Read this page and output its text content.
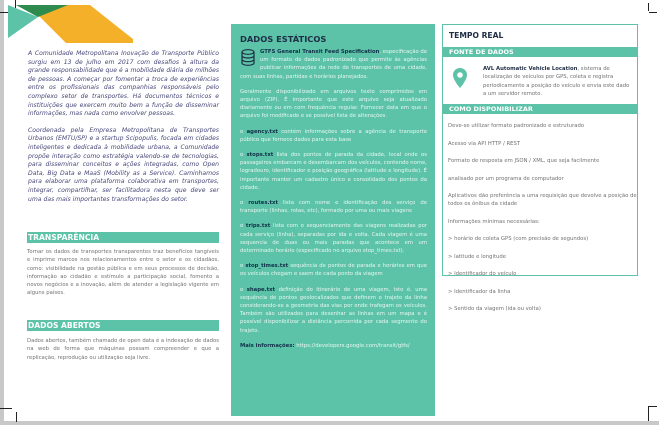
A Comunidade Metropolitana Inovação de Transporte Público surgiu em 13 de julho em 2017 com desafios à altura da grande responsabilidade que é a mobilidade diária de milhões de pessoas. A começar por fomentar a troca de experiências entre os profissionais das companhias responsáveis pelo complexo setor de transportes. Há documentos técnicos e instituições que exercem muito bem a função de disseminar informações, mas nada como envolver pessoas.

Coordenada pela Empresa Metropolitana de Transportes Urbanos (EMTU/SP) e a startup Scipopulis, focada em cidades inteligentes e dedicada à mobilidade urbana, a Comunidade propõe interação como estratégia valendo-se de tecnologias, para disseminar conceitos e ações integradas, como Open Data, Big Data e MaaS (Mobility as a Service). Caminhamos para elaborar uma plataforma colaborativa em transportes, integrar, compartilhar, ser facilitadora nesta que deve ser uma das mais importantes transformações do setor.

TRANSPARÊNCIA
Tornar os dados de transportes transparentes traz benefícios tangíveis e imprime marcos nos relacionamentos entre o setor e os cidadãos, como: visibilidade na gestão pública e em seus processos de decisão, informação ao cidadão e estímulo a participação social, fomento a novos negócios e a inovação, além de atender a legislação vigente em alguns países.
DADOS ABERTOS
Dados abertos, também chamado de open data é a indexação de dados na web de forma que máquinas possam compreender e que a replicação, reprodução ou utilização seja livre.
DADOS ESTÁTICOS
GTFS General Transit Feed Specification, especificação de um formato de dados padronizado que permite às agências publicar informações da rede de transportes de uma cidade, com suas linhas, partidas e horários planejados.
Geralmente disponibilizado em arquivos texto comprimidos em arquivo (ZIP). É importante que este arquivo seja atualizado diariamente ou em com frequência regular. Fornecer data em que o arquivo foi modificado e se possível lista de alterações.
o agency.txt contém informações sobre a agência de transporte público que fornece dados para esta base
o stops.txt lista dos pontos de parada da cidade, local onde os passageiros embarcam e desembarcam dos veículos, contendo nome, logradouro, identificador e posição geográfica (latitude e longitude). É importante manter um cadastro único e consolidado dos pontos da cidade.
o routes.txt lista com nome e identificação dos serviço de transporte (linhas, rotas, etc), formado por uma ou mais viagens
o trips.txt lista com o sequenciamento das viagens realizadas por cada serviço (linha), separadas por ida e volta. Cada viagem é uma sequencia de duas ou mais paradas que acontece em um determinado horário (especificado no arquivo stop_times.txt).
o stop_times.txt sequência de pontos de parada e horários em que os veículos chegam e saem de cada ponto da viagem
o shape.txt definição do itinerário de uma viagem, isto é, uma sequência de pontos geolocalizados que definem o trajeto da linha considerando-se a geometria das vias por onde trafegam os veículos. Também são utilizados para desenhar as linhas em um mapa e é possível disponibilizar a distância percorrida por cada segmento do trajeto.
Mais informações: https://developers.google.com/transit/gtfs/
TEMPO REAL
FONTE DE DADOS
AVL Automatic Vehicle Location, sistema de localização de veículos por GPS, coleta e registra periodicamente a posição do veículo e envia este dado a um servidor remoto.
COMO DISPONIBILIZAR
Deve-se utilizar formato padronizado e estruturado
Acesso via API HTTP / REST
Formato de resposta em JSON / XML, que seja facilmente
analisado por um programa de computador
Aplicativos dão preferência a uma requisição que devolve a posição de todos os ônibus da cidade
Informações mínimas necessárias:
> horário de coleta GPS (com precisão de segundos)
> latitude e longitude
> Identificador do veículo
> Identificador da linha
> Sentido da viagem (ida ou volta)
